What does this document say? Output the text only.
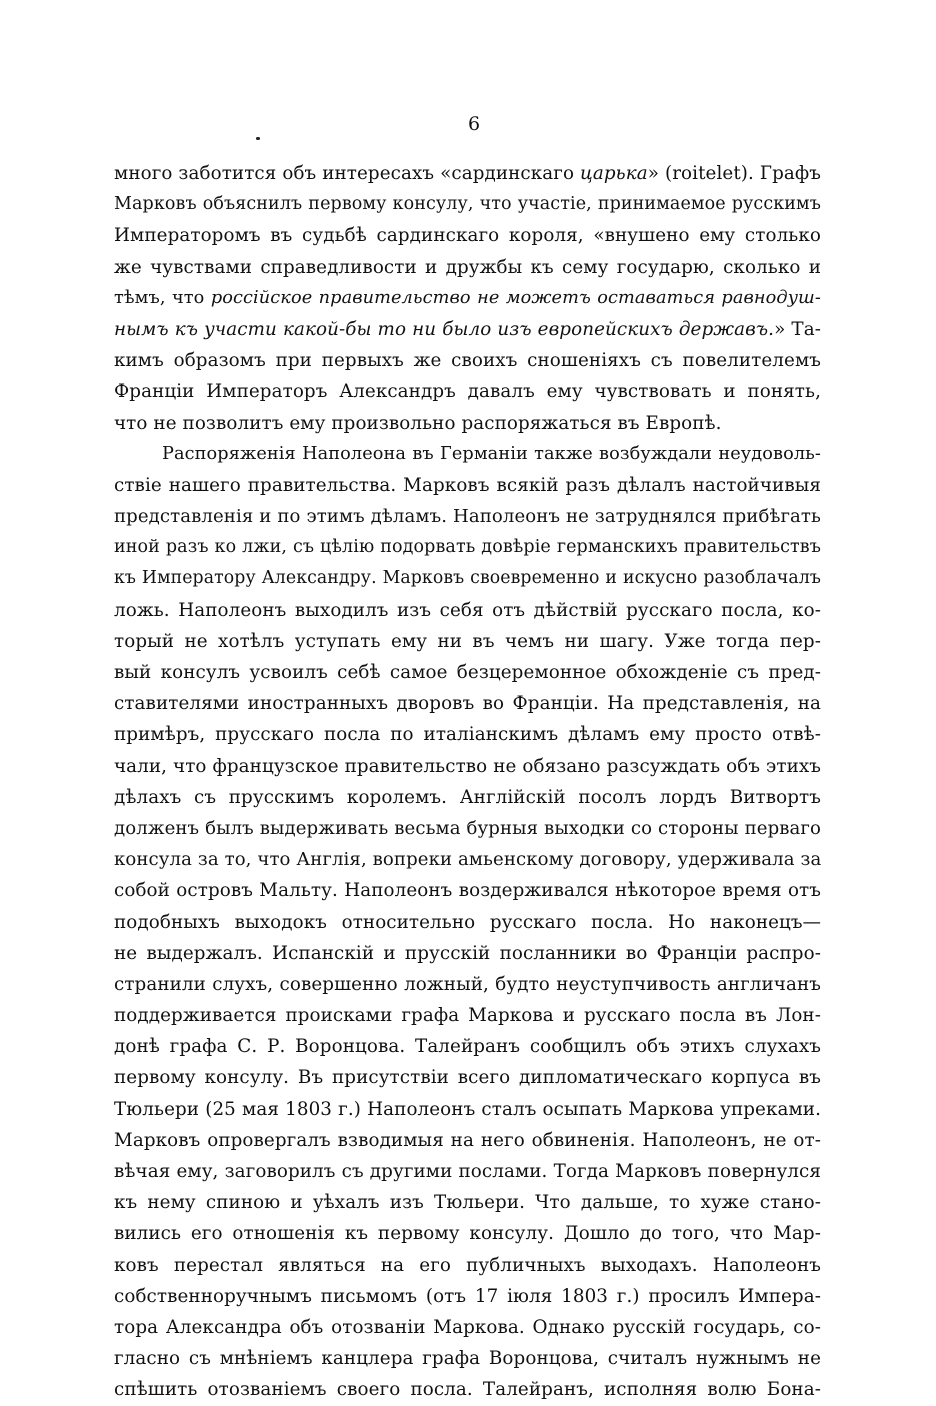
6
много заботится объ интересахъ «сардинскаго царька» (roitelet). Графъ
Марковъ объяснилъ первому консулу, что участіе, принимаемое русскимъ
Императоромъ въ судьбѣ сардинскаго короля, «внушено ему столько
же чувствами справедливости и дружбы къ сему государю, сколько и
тѣмъ, что россійское правительство не можетъ оставаться равнодуш-
нымъ къ участи какой-бы то ни было изъ европейскихъ державъ.» Та-
кимъ образомъ при первыхъ же своихъ сношеніяхъ съ повелителемъ
Франціи Императоръ Александръ давалъ ему чувствовать и понять,
что не позволитъ ему произвольно распоряжаться въ Европѣ.
Распоряженія Наполеона въ Германіи также возбуждали неудоволь-
ствіе нашего правительства. Марковъ всякій разъ дѣлалъ настойчивыя
представленія и по этимъ дѣламъ. Наполеонъ не затруднялся прибѣгать
иной разъ ко лжи, съ цѣлію подорвать довѣріе германскихъ правительствъ
къ Императору Александру. Марковъ своевременно и искусно разоблачалъ
ложь. Наполеонъ выходилъ изъ себя отъ дѣйствій русскаго посла, ко-
торый не хотѣлъ уступать ему ни въ чемъ ни шагу. Уже тогда пер-
вый консулъ усвоилъ себѣ самое безцеремонное обхожденіе съ пред-
ставителями иностранныхъ дворовъ во Франціи. На представленія, на
примѣръ, прусскаго посла по италіанскимъ дѣламъ ему просто отвѣ-
чали, что французское правительство не обязано разсуждать объ этихъ
дѣлахъ съ прусскимъ королемъ. Англійскій посолъ лордъ Витвортъ
долженъ былъ выдерживать весьма бурныя выходки со стороны перваго
консула за то, что Англія, вопреки амьенскому договору, удерживала за
собой островъ Мальту. Наполеонъ воздерживался нѣкоторое время отъ
подобныхъ выходокъ относительно русскаго посла. Но наконецъ—
не выдержалъ. Испанскій и прусскій посланники во Франціи распро-
странили слухъ, совершенно ложный, будто неуступчивость англичанъ
поддерживается происками графа Маркова и русскаго посла въ Лон-
донѣ графа С. Р. Воронцова. Талейранъ сообщилъ объ этихъ слухахъ
первому консулу. Въ присутствіи всего дипломатическаго корпуса въ
Тюльери (25 мая 1803 г.) Наполеонъ сталъ осыпать Маркова упреками.
Марковъ опровергалъ взводимыя на него обвиненія. Наполеонъ, не от-
вѣчая ему, заговорилъ съ другими послами. Тогда Марковъ повернулся
къ нему спиною и уѣхалъ изъ Тюльери. Что дальше, то хуже стано-
вились его отношенія къ первому консулу. Дошло до того, что Мар-
ковъ перестал являться на его публичныхъ выходахъ. Наполеонъ
собственноручнымъ письмомъ (отъ 17 іюля 1803 г.) просилъ Импера-
тора Александра объ отозваніи Маркова. Однако русскій государь, со-
гласно съ мнѣніемъ канцлера графа Воронцова, считалъ нужнымъ не
спѣшить отозваніемъ своего посла. Талейранъ, исполняя волю Бона-
